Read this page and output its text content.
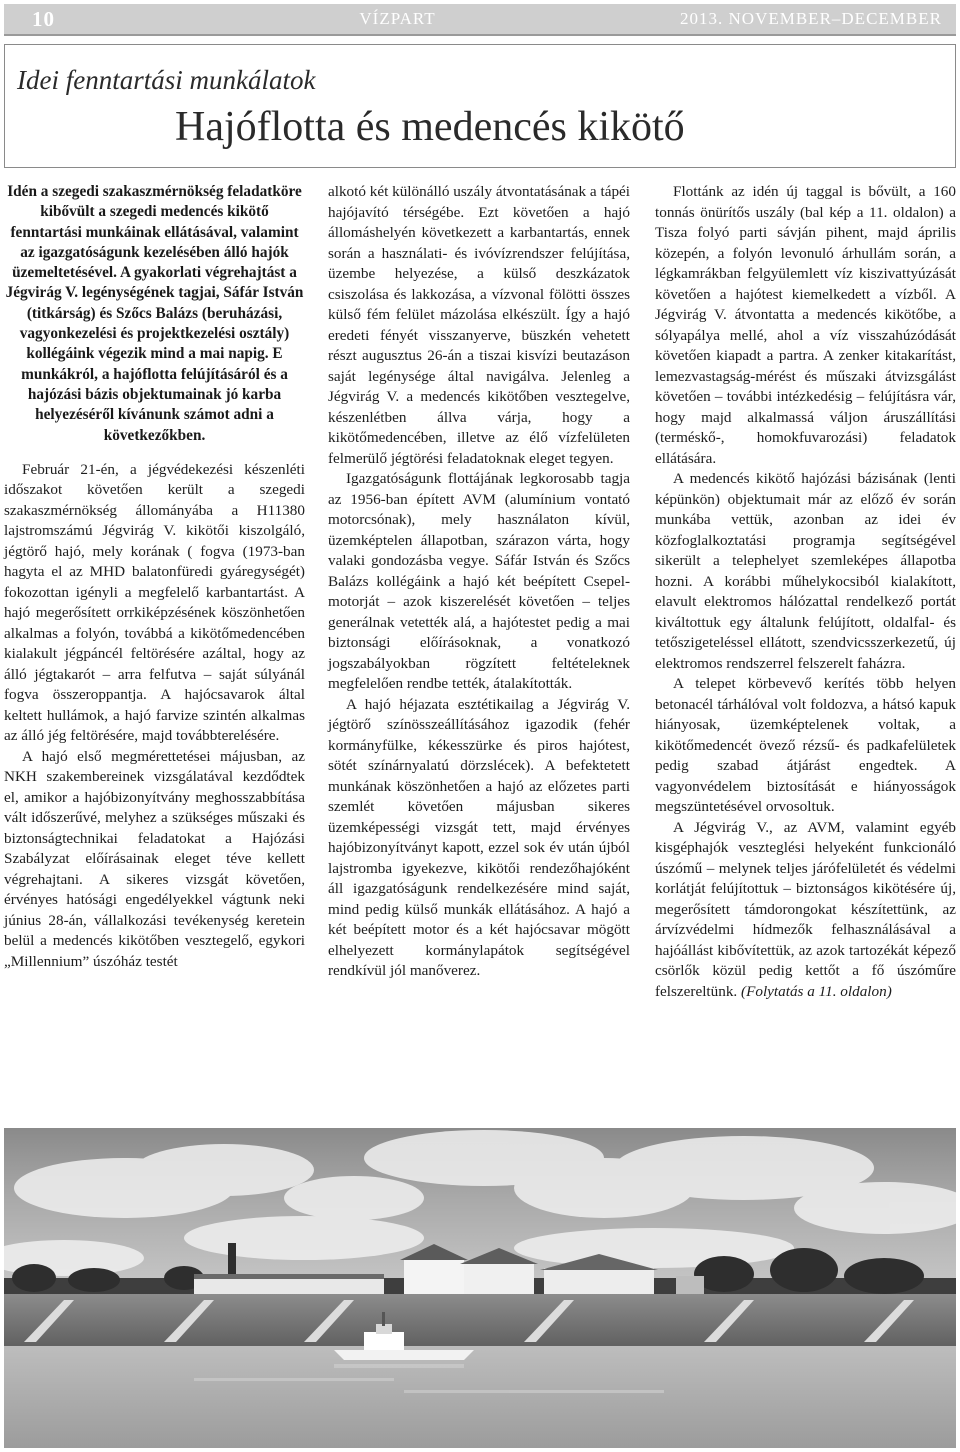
10	VÍZPART	2013. NOVEMBER–DECEMBER
Idei fenntartási munkálatok
Hajóflotta és medencés kikötő

Idén a szegedi szakaszmérnökség feladatköre kibővült a szegedi medencés kikötő fenntartási munkáinak ellátásával, valamint az igazgatóságunk kezelésében álló hajók üzemeltetésével. A gyakorlati végrehajtást a Jégvirág V. legénységének tagjai, Sáfár István (titkárság) és Szőcs Balázs (beruházási, vagyonkezelési és projektkezelési osztály) kollégáink végezik mind a mai napig. E munkákról, a hajóflotta felújításáról és a hajózási bázis objektumainak jó karba helyezéséről kívánunk számot adni a következőkben.

Február 21-én, a jégvédekezési készenléti időszakot követően került a szegedi szakaszmérnökség állományába a H11380 lajstromszámú Jégvirág V. kikötői kiszolgáló, jégtörő hajó, mely korának ( fogva (1973-ban hagyta el az MHD balatonfüredi gyáregységét) fokozottan igényli a megfelelő karbantartást. A hajó megerősített orrkiképzésének köszönhetően alkalmas a folyón, továbbá a kikötőmedencében kialakult jégpáncél feltörésére azáltal, hogy az álló jégtakarót – arra felfutva – saját súlyánál fogva összeroppantja. A hajócsavarok által keltett hullámok, a hajó farvize szintén alkalmas az álló jég feltörésére, majd továbbterelésére.

A hajó első megmérettetései májusban, az NKH szakembereinek vizsgálatával kezdődtek el, amikor a hajóbizonyítvány meghosszabbítása vált időszerűvé, melyhez a szükséges műszaki és biztonságtechnikai feladatokat a Hajózási Szabályzat előírásainak eleget téve kellett végrehajtani. A sikeres vizsgát követően, érvényes hatósági engedélyekkel vágtunk neki június 28-án, vállalkozási tevékenység keretein belül a medencés kikötőben vesztegelő, egykori „Millennium” úszóház testét

alkotó két különálló uszály átvontatásának a tápéi hajójavító térségébe. Ezt követően a hajó állomáshelyén következett a karbantartás, ennek során a használati- és ivóvízrendszer felújítása, üzembe helyezése, a külső deszkázatok csiszolása és lakkozása, a vízvonal fölötti összes külső fém felület mázolása elkészült. Így a hajó eredeti fényét visszanyerve, büszkén vehetett részt augusztus 26-án a tiszai kisvízi beutazáson saját legénysége által navigálva. Jelenleg a Jégvirág V. a medencés kikötőben vesztegelve, készenlétben állva várja, hogy a kikötőmedencében, illetve az élő vízfelületen felmerülő jégtörési feladatoknak eleget tegyen.

Igazgatóságunk flottájának legkorosabb tagja az 1956-ban épített AVM (alumínium vontató motorcsónak), mely használaton kívül, üzemképtelen állapotban, szárazon várta, hogy valaki gondozásba vegye. Sáfár István és Szőcs Balázs kollégáink a hajó két beépített Csepel-motorját – azok kiszerelését követően – teljes generálnak vetették alá, a hajótestet pedig a mai biztonsági előírásoknak, a vonatkozó jogszabályokban rögzített feltételeknek megfelelően rendbe tették, átalakították.

A hajó héjazata esztétikailag a Jégvirág V. jégtörő színösszeállításához igazodik (fehér kormányfülke, kékesszürke és piros hajótest, sötét színárnyalatú dörzslécek). A befektetett munkának köszönhetően a hajó az előzetes parti szemlét követően májusban sikeres üzemképességi vizsgát tett, majd érvényes hajóbizonyítványt kapott, ezzel sok év után újból lajstromba igyekezve, kikötői rendezőhajóként áll igazgatóságunk rendelkezésére mind saját, mind pedig külső munkák ellátásához. A hajó a két beépített motor és a két hajócsavar mögött elhelyezett kormánylapátok segítségével rendkívül jól manőverez.

Flottánk az idén új taggal is bővült, a 160 tonnás önürítős uszály (bal kép a 11. oldalon) a Tisza folyó parti sávján pihent, majd április közepén, a folyón levonuló árhullám során, a légkamrákban felgyülemlett víz kiszivattyúzását követően a hajótest kiemelkedett a vízből. A Jégvirág V. átvontatta a medencés kikötőbe, a sólyapálya mellé, ahol a víz visszahúzódását követően kiapadt a partra. A zenker kitakarítást, lemezvastagság-mérést és műszaki átvizsgálást követően – további intézkedésig – felújításra vár, hogy majd alkalmassá váljon áruszállítási (terméskő-, homokfuvarozási) feladatok ellátására.

A medencés kikötő hajózási bázisának (lenti képünkön) objektumait már az előző év során munkába vettük, azonban az idei év közfoglalkoztatási programja segítségével sikerült a telephelyet szemleképes állapotba hozni. A korábbi műhelykocsiból kialakított, elavult elektromos hálózattal rendelkező portát kiváltottuk egy általunk felújított, oldalfal- és tetőszigeteléssel ellátott, szendvicsszerkezetű, új elektromos rendszerrel felszerelt faházra.

A telepet körbevevő kerítés több helyen betonacél tárhálóval volt foldozva, a hátsó kapuk hiányosak, üzemképtelenek voltak, a kikötőmedencét övező rézsű- és padkafelületek pedig szabad átjárást engedtek. A vagyonvédelem biztosítását e hiányosságok megszüntetésével orvosoltuk.

A Jégvirág V., az AVM, valamint egyéb kisgéphajók veszteglési helyeként funkcionáló úszómű – melynek teljes járófelületét és védelmi korlátját felújítottuk – biztonságos kikötésére új, megerősített támdorongokat készítettünk, az árvízvédelmi hídmezők felhasználásával a hajóállást kibővítettük, az azok tartozékát képező csörlők közül pedig kettőt a fő úszóműre felszereltünk. (Folytatás a 11. oldalon)
